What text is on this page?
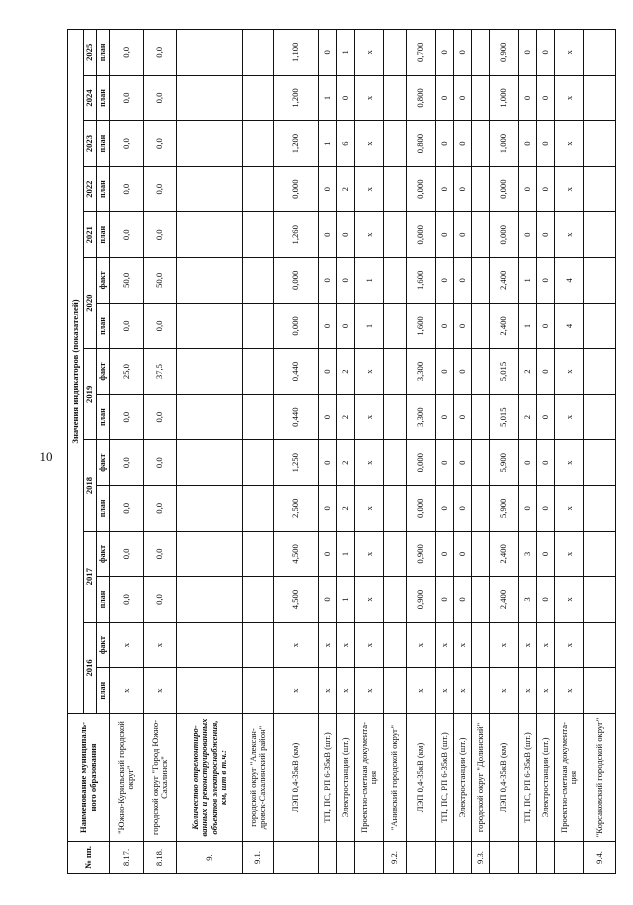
10
№ пп.	Наименование муниципаль-ного образования	Значения индикаторов (показателей)														
		2016		2017		2018		2019		2020		2021	2022	2023	2024	2025
		план	факт	план	факт	план	факт	план	факт	план	факт	план	план	план	план	план
8.17.	"Южно-Курильский городской округ"	x	x	0,0	0,0	0,0	0,0	0,0	25,0	0,0	50,0	0,0	0,0	0,0	0,0	0,0
8.18.	городской округ "Город Южно-Сахалинск"	x	x	0,0	0,0	0,0	0,0	0,0	37,5	0,0	50,0	0,0	0,0	0,0	0,0	0,0
9.	Количество отремонтиро-ванных и реконструированных объектов электроснабжения, км, шт в т.ч.:															
9.1.	городской округ "Алексан-дровск-Сахалинский район"															
	ЛЭП 0,4-35кВ (км)	x	x	4,500	4,500	2,500	1,250	0,440	0,440	0,000	0,000	1,260	0,000	1,200	1,200	1,100
	ТП, ПС, РП 6-35кВ (шт.)	x	x	0	0	0	0	0	0	0	0	0	0	1	1	0
	Электростанции (шт.)	x	x	1	1	2	2	2	2	0	0	0	2	6	0	1
	Проектно-сметная документа-ция	x	x	x	x	x	x	x	x	1	1	x	x	x	x	x
9.2.	"Анивский городской округ"															
	ЛЭП 0,4-35кВ (км)	x	x	0,900	0,900	0,000	0,000	3,300	3,300	1,600	1,600	0,000	0,000	0,800	0,800	0,700
	ТП, ПС, РП 6-35кВ (шт.)	x	x	0	0	0	0	0	0	0	0	0	0	0	0	0
	Электростанции (шт.)	x	x	0	0	0	0	0	0	0	0	0	0	0	0	0
9.3.	городской округ "Долинский"															
	ЛЭП 0,4-35кВ (км)	x	x	2,400	2,400	5,900	5,900	5,015	5,015	2,400	2,400	0,000	0,000	1,000	1,000	0,900
	ТП, ПС, РП 6-35кВ (шт.)	x	x	3	3	0	0	2	2	1	1	0	0	0	0	0
	Электростанции (шт.)	x	x	0	0	0	0	0	0	0	0	0	0	0	0	0
	Проектно-сметная документа-ция	x	x	x	x	x	x	x	x	4	4	x	x	x	x	x
9.4.	"Корсаковский городской округ"															
